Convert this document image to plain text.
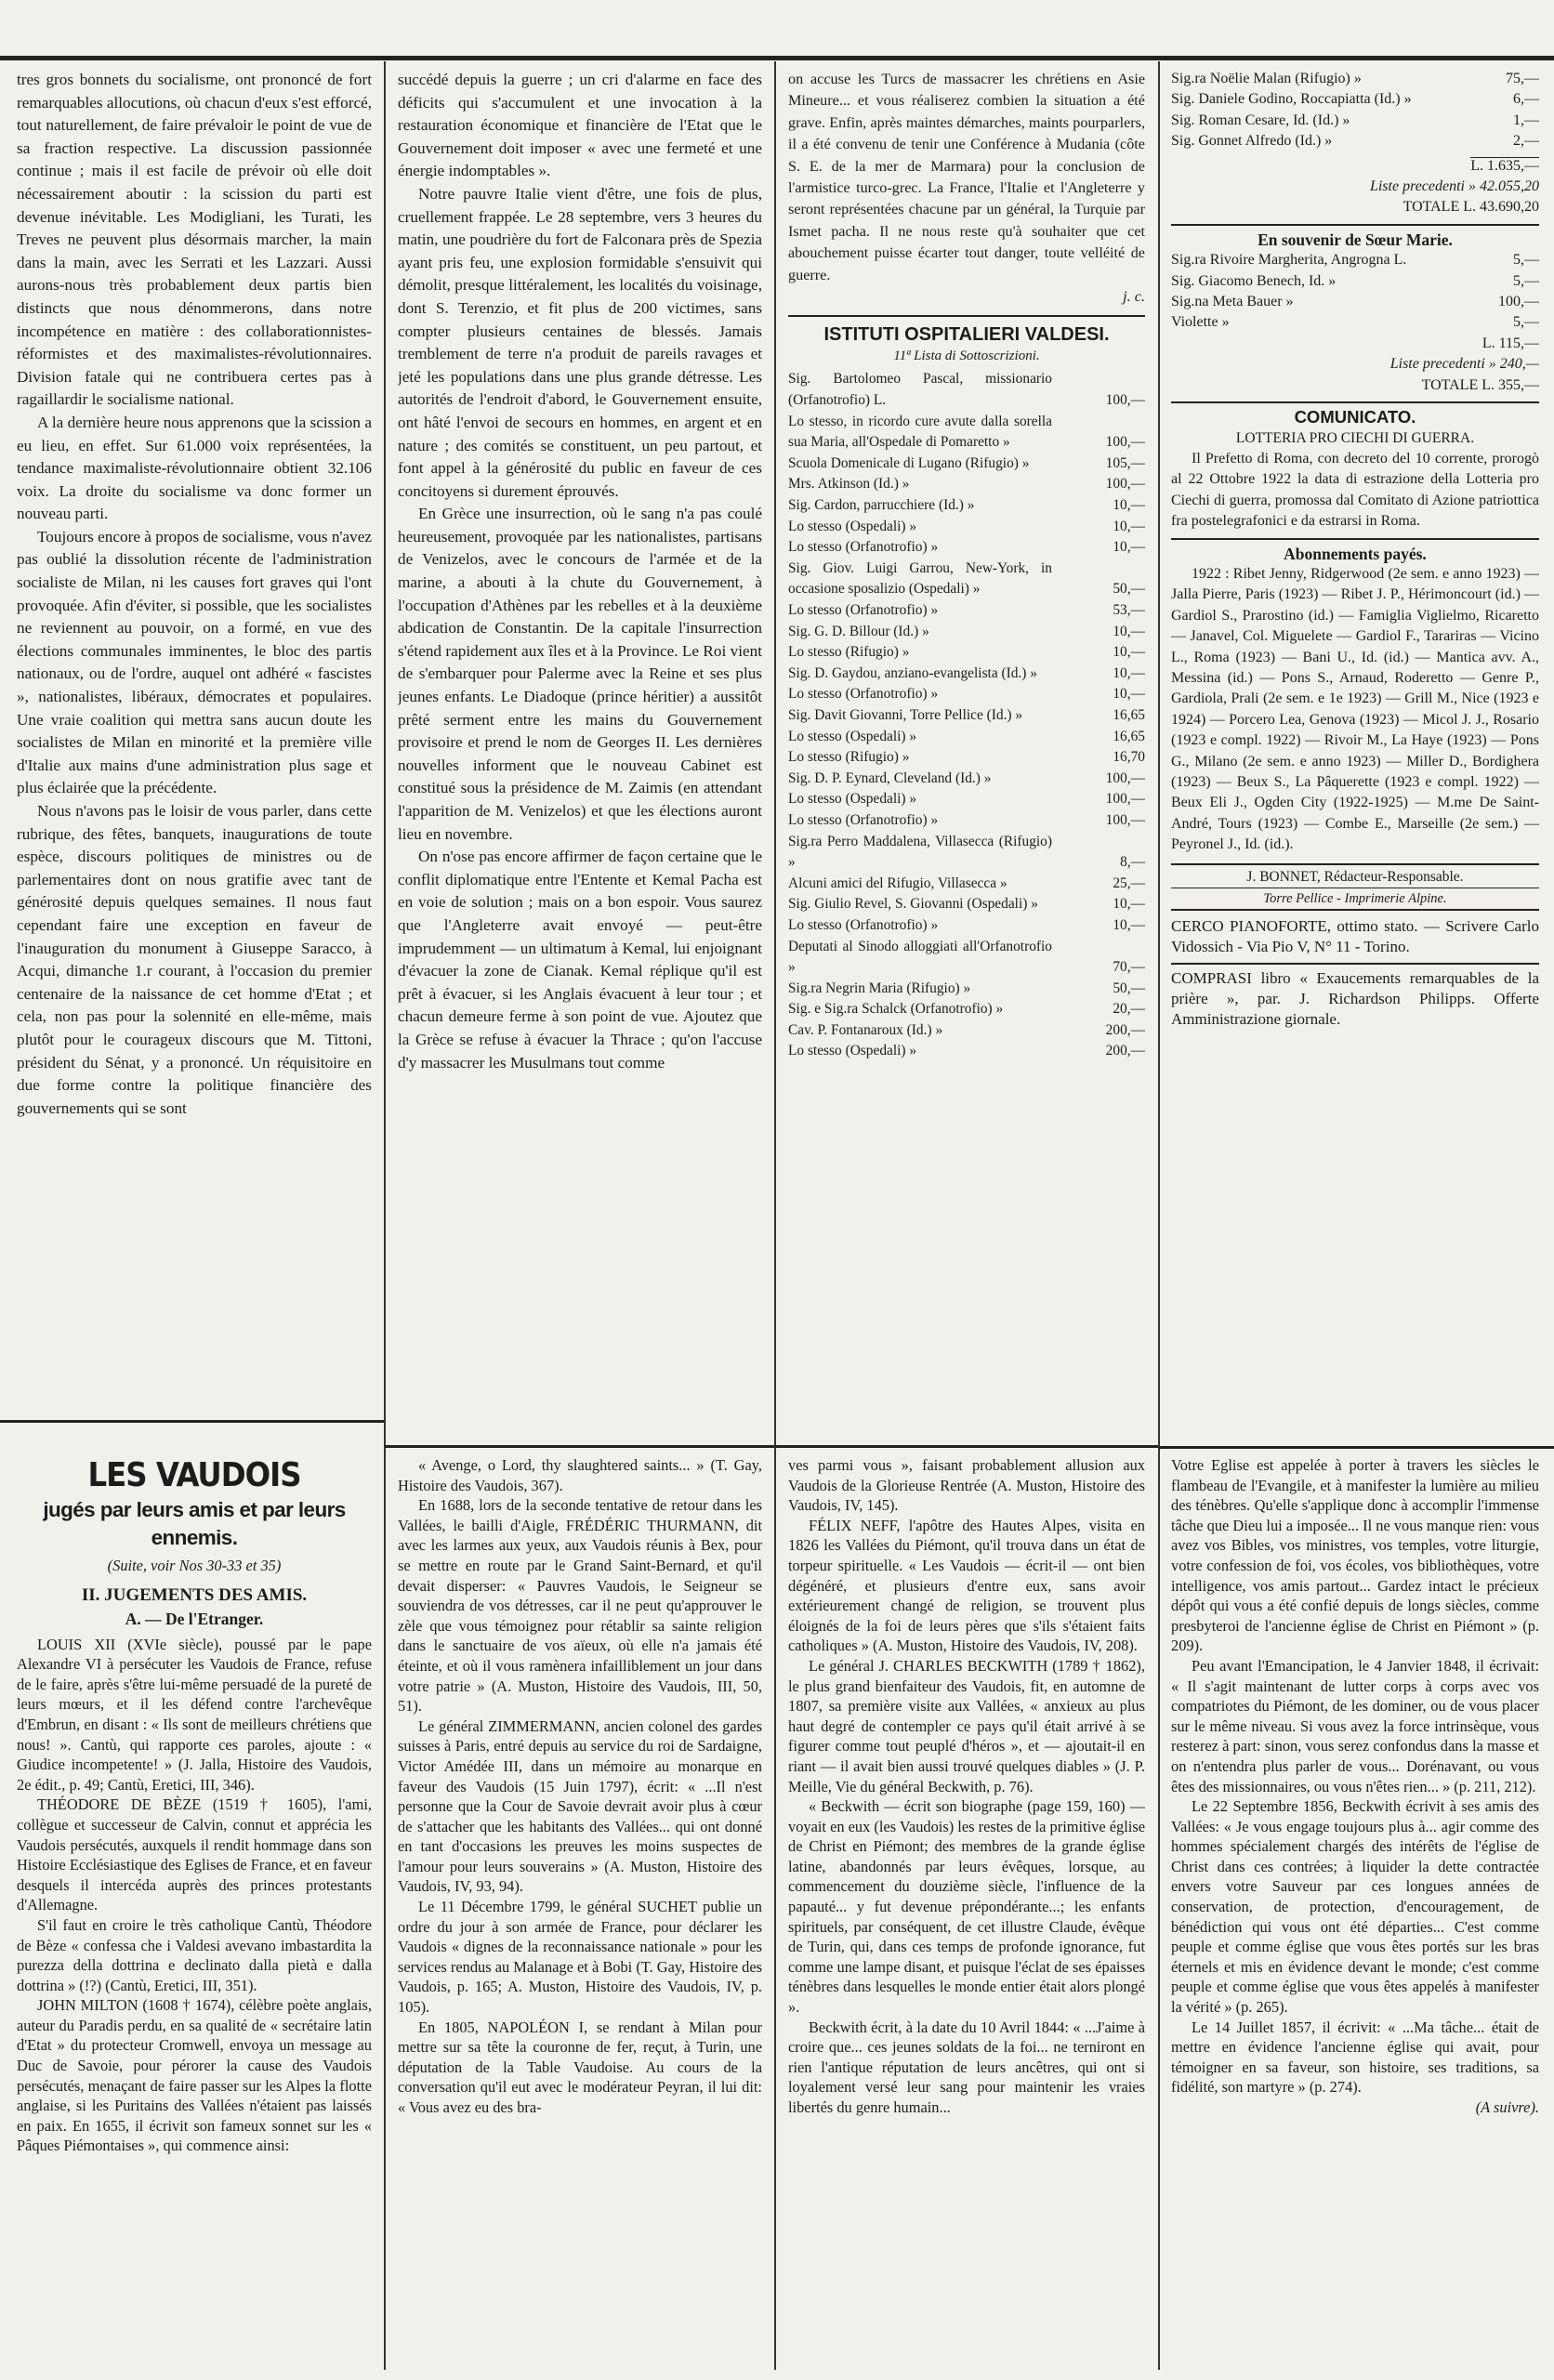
tres gros bonnets du socialisme, ont prononcé de fort remarquables allocutions, où chacun d'eux s'est efforcé, tout naturellement, de faire prévaloir le point de vue de sa fraction respective. La discussion passionnée continue ; mais il est facile de prévoir où elle doit nécessairement aboutir : la scission du parti est devenue inévitable. Les Modigliani, les Turati, les Treves ne peuvent plus désormais marcher, la main dans la main, avec les Serrati et les Lazzari. Aussi aurons-nous très probablement deux partis bien distincts que nous dénommerons, dans notre incompétence en matière : des collaborationnistes-réformistes et des maximalistes-révolutionnaires. Division fatale qui ne contribuera certes pas à ragaillardir le socialisme national.

A la dernière heure nous apprenons que la scission a eu lieu, en effet. Sur 61.000 voix représentées, la tendance maximaliste-révolutionnaire obtient 32.106 voix. La droite du socialisme va donc former un nouveau parti.

Toujours encore à propos de socialisme, vous n'avez pas oublié la dissolution récente de l'administration socialiste de Milan, ni les causes fort graves qui l'ont provoquée. Afin d'éviter, si possible, que les socialistes ne reviennent au pouvoir, on a formé, en vue des élections communales imminentes, le bloc des partis nationaux, ou de l'ordre, auquel ont adhéré « fascistes », nationalistes, libéraux, démocrates et populaires. Une vraie coalition qui mettra sans aucun doute les socialistes de Milan en minorité et la première ville d'Italie aux mains d'une administration plus sage et plus éclairée que la précédente.

Nous n'avons pas le loisir de vous parler, dans cette rubrique, des fêtes, banquets, inaugurations de toute espèce, discours politiques de ministres ou de parlementaires dont on nous gratifie avec tant de générosité depuis quelques semaines. Il nous faut cependant faire une exception en faveur de l'inauguration du monument à Giuseppe Saracco, à Acqui, dimanche 1.r courant, à l'occasion du premier centenaire de la naissance de cet homme d'Etat ; et cela, non pas pour la solennité en elle-même, mais plutôt pour le courageux discours que M. Tittoni, président du Sénat, y a prononcé. Un réquisitoire en due forme contre la politique financière des gouvernements qui se sont

succédé depuis la guerre ; un cri d'alarme en face des déficits qui s'accumulent et une invocation à la restauration économique et financière de l'Etat que le Gouvernement doit imposer « avec une fermeté et une énergie indomptables ».

Notre pauvre Italie vient d'être, une fois de plus, cruellement frappée. Le 28 septembre, vers 3 heures du matin, une poudrière du fort de Falconara près de Spezia ayant pris feu, une explosion formidable s'ensuivit qui démolit, presque littéralement, les localités du voisinage, dont S. Terenzio, et fit plus de 200 victimes, sans compter plusieurs centaines de blessés. Jamais tremblement de terre n'a produit de pareils ravages et jeté les populations dans une plus grande détresse. Les autorités de l'endroit d'abord, le Gouvernement ensuite, ont hâté l'envoi de secours en hommes, en argent et en nature ; des comités se constituent, un peu partout, et font appel à la générosité du public en faveur de ces concitoyens si durement éprouvés.

En Grèce une insurrection, où le sang n'a pas coulé heureusement, provoquée par les nationalistes, partisans de Venizelos, avec le concours de l'armée et de la marine, a abouti à la chute du Gouvernement, à l'occupation d'Athènes par les rebelles et à la deuxième abdication de Constantin. De la capitale l'insurrection s'étend rapidement aux îles et à la Province. Le Roi vient de s'embarquer pour Palerme avec la Reine et ses plus jeunes enfants. Le Diadoque (prince héritier) a aussitôt prêté serment entre les mains du Gouvernement provisoire et prend le nom de Georges II. Les dernières nouvelles informent que le nouveau Cabinet est constitué sous la présidence de M. Zaimis (en attendant l'apparition de M. Venizelos) et que les élections auront lieu en novembre.

On n'ose pas encore affirmer de façon certaine que le conflit diplomatique entre l'Entente et Kemal Pacha est en voie de solution ; mais on a bon espoir. Vous saurez que l'Angleterre avait envoyé — peut-être imprudemment — un ultimatum à Kemal, lui enjoignant d'évacuer la zone de Cianak. Kemal réplique qu'il est prêt à évacuer, si les Anglais évacuent à leur tour ; et chacun demeure ferme à son point de vue. Ajoutez que la Grèce se refuse à évacuer la Thrace ; qu'on l'accuse d'y massacrer les Musulmans tout comme

on accuse les Turcs de massacrer les chrétiens en Asie Mineure... et vous réaliserez combien la situation a été grave. Enfin, après maintes démarches, maints pourparlers, il a été convenu de tenir une Conférence à Mudania (côte S. E. de la mer de Marmara) pour la conclusion de l'armistice turco-grec. La France, l'Italie et l'Angleterre y seront représentées chacune par un général, la Turquie par Ismet pacha. Il ne nous reste qu'à souhaiter que cet abouchement puisse écarter tout danger, toute velléité de guerre.

j. c.

ISTITUTI OSPITALIERI VALDESI.

11ª Lista di Sottoscrizioni.

Sig. Bartolomeo Pascal, missionario (Orfanotrofio) L.	100,—
Lo stesso, in ricordo cure avute dalla sorella sua Maria, all'Ospedale di Pomaretto »	100,—
Scuola Domenicale di Lugano (Rifugio) »	105,—
Mrs. Atkinson (Id.) »	100,—
Sig. Cardon, parrucchiere (Id.) »	10,—
Lo stesso (Ospedali) »	10,—
Lo stesso (Orfanotrofio) »	10,—
Sig. Giov. Luigi Garrou, New-York, in occasione sposalizio (Ospedali) »	50,—
Lo stesso (Orfanotrofio) »	53,—
Sig. G. D. Billour (Id.) »	10,—
Lo stesso (Rifugio) »	10,—
Sig. D. Gaydou, anziano-evangelista (Id.) »	10,—
Lo stesso (Orfanotrofio) »	10,—
Sig. Davit Giovanni, Torre Pellice (Id.) »	16,65
Lo stesso (Ospedali) »	16,65
Lo stesso (Rifugio) »	16,70
Sig. D. P. Eynard, Cleveland (Id.) »	100,—
Lo stesso (Ospedali) »	100,—
Lo stesso (Orfanotrofio) »	100,—
Sig.ra Perro Maddalena, Villasecca (Rifugio) »	8,—
Alcuni amici del Rifugio, Villasecca »	25,—
Sig. Giulio Revel, S. Giovanni (Ospedali) »	10,—
Lo stesso (Orfanotrofio) »	10,—
Deputati al Sinodo alloggiati all'Orfanotrofio »	70,—
Sig.ra Negrin Maria (Rifugio) »	50,—
Sig. e Sig.ra Schalck (Orfanotrofio) »	20,—
Cav. P. Fontanaroux (Id.) »	200,—
Lo stesso (Ospedali) »	200,—
Sig.ra Noëlie Malan (Rifugio) »	75,—
Sig. Daniele Godino, Roccapiatta (Id.) »	6,—
Sig. Roman Cesare, Id. (Id.) »	1,—
Sig. Gonnet Alfredo (Id.) »	2,—
L. 1.635,—
Liste precedenti » 42.055,20
TOTALE L. 43.690,20

En souvenir de Sœur Marie.

Sig.ra Rivoire Margherita, Angrogna L.	5,—
Sig. Giacomo Benech, Id. »	5,—
Sig.na Meta Bauer »	100,—
Violette »	5,—
L. 115,—
Liste precedenti » 240,—
TOTALE L. 355,—

COMUNICATO.

LOTTERIA PRO CIECHI DI GUERRA.

Il Prefetto di Roma, con decreto del 10 corrente, prorogò al 22 Ottobre 1922 la data di estrazione della Lotteria pro Ciechi di guerra, promossa dal Comitato di Azione patriottica fra postelegrafonici e da estrarsi in Roma.

Abonnements payés.

1922 : Ribet Jenny, Ridgerwood (2e sem. e anno 1923) — Jalla Pierre, Paris (1923) — Ribet J. P., Hérimoncourt (id.) — Gardiol S., Prarostino (id.) — Famiglia Viglielmo, Ricaretto — Janavel, Col. Miguelete — Gardiol F., Tarariras — Vicino L., Roma (1923) — Bani U., Id. (id.) — Mantica avv. A., Messina (id.) — Pons S., Arnaud, Roderetto — Genre P., Gardiola, Prali (2e sem. e 1e 1923) — Grill M., Nice (1923 e 1924) — Porcero Lea, Genova (1923) — Micol J. J., Rosario (1923 e compl. 1922) — Rivoir M., La Haye (1923) — Pons G., Milano (2e sem. e anno 1923) — Miller D., Bordighera (1923) — Beux S., La Pâquerette (1923 e compl. 1922) — Beux Eli J., Ogden City (1922-1925) — M.me De Saint-André, Tours (1923) — Combe E., Marseille (2e sem.) — Peyronel J., Id. (id.).

J. BONNET, Rédacteur-Responsable.

Torre Pellice - Imprimerie Alpine.

CERCO PIANOFORTE, ottimo stato. — Scrivere Carlo Vidossich - Via Pio V, N° 11 - Torino.

COMPRASI libro « Exaucements remarquables de la prière », par. J. Richardson Philipps. Offerte Amministrazione giornale.

LES VAUDOIS

jugés par leurs amis et par leurs ennemis.

(Suite, voir Nos 30-33 et 35)

II. JUGEMENTS DES AMIS.

A. — De l'Etranger.

LOUIS XII (XVIe siècle), poussé par le pape Alexandre VI à persécuter les Vaudois de France, refuse de le faire, après s'être lui-même persuadé de la pureté de leurs mœurs, et il les défend contre l'archevêque d'Embrun, en disant : « Ils sont de meilleurs chrétiens que nous! ». Cantù, qui rapporte ces paroles, ajoute : « Giudice incompetente! » (J. Jalla, Histoire des Vaudois, 2e édit., p. 49; Cantù, Eretici, III, 346).

THÉODORE DE BÈZE (1519 † 1605), l'ami, collègue et successeur de Calvin, connut et apprécia les Vaudois persécutés, auxquels il rendit hommage dans son Histoire Ecclésiastique des Eglises de France, et en faveur desquels il intercéda auprès des princes protestants d'Allemagne.

S'il faut en croire le très catholique Cantù, Théodore de Bèze « confessa che i Valdesi avevano imbastardita la purezza della dottrina e declinato dalla pietà e dalla dottrina » (!?) (Cantù, Eretici, III, 351).

JOHN MILTON (1608 † 1674), célèbre poète anglais, auteur du Paradis perdu, en sa qualité de « secrétaire latin d'Etat » du protecteur Cromwell, envoya un message au Duc de Savoie, pour pérorer la cause des Vaudois persécutés, menaçant de faire passer sur les Alpes la flotte anglaise, si les Puritains des Vallées n'étaient pas laissés en paix. En 1655, il écrivit son fameux sonnet sur les « Pâques Piémontaises », qui commence ainsi:

« Avenge, o Lord, thy slaughtered saints... » (T. Gay, Histoire des Vaudois, 367).

En 1688, lors de la seconde tentative de retour dans les Vallées, le bailli d'Aigle, FRÉDÉRIC THURMANN, dit avec les larmes aux yeux, aux Vaudois réunis à Bex, pour se mettre en route par le Grand Saint-Bernard, et qu'il devait disperser: « Pauvres Vaudois, le Seigneur se souviendra de vos détresses, car il ne peut qu'approuver le zèle que vous témoignez pour rétablir sa sainte religion dans le sanctuaire de vos aïeux, où elle n'a jamais été éteinte, et où il vous ramènera infailliblement un jour dans votre patrie » (A. Muston, Histoire des Vaudois, III, 50, 51).

Le général ZIMMERMANN, ancien colonel des gardes suisses à Paris, entré depuis au service du roi de Sardaigne, Victor Amédée III, dans un mémoire au monarque en faveur des Vaudois (15 Juin 1797), écrit: « ...Il n'est personne que la Cour de Savoie devrait avoir plus à cœur de s'attacher que les habitants des Vallées... qui ont donné en tant d'occasions les preuves les moins suspectes de l'amour pour leurs souverains » (A. Muston, Histoire des Vaudois, IV, 93, 94).

Le 11 Décembre 1799, le général SUCHET publie un ordre du jour à son armée de France, pour déclarer les Vaudois « dignes de la reconnaissance nationale » pour les services rendus au Malanage et à Bobi (T. Gay, Histoire des Vaudois, p. 165; A. Muston, Histoire des Vaudois, IV, p. 105).

En 1805, NAPOLÉON I, se rendant à Milan pour mettre sur sa tête la couronne de fer, reçut, à Turin, une députation de la Table Vaudoise. Au cours de la conversation qu'il eut avec le modérateur Peyran, il lui dit: « Vous avez eu des bra-

ves parmi vous », faisant probablement allusion aux Vaudois de la Glorieuse Rentrée (A. Muston, Histoire des Vaudois, IV, 145).

FÉLIX NEFF, l'apôtre des Hautes Alpes, visita en 1826 les Vallées du Piémont, qu'il trouva dans un état de torpeur spirituelle. « Les Vaudois — écrit-il — ont bien dégénéré, et plusieurs d'entre eux, sans avoir extérieurement changé de religion, se trouvent plus éloignés de la foi de leurs pères que s'ils s'étaient faits catholiques » (A. Muston, Histoire des Vaudois, IV, 208).

Le général J. CHARLES BECKWITH (1789 † 1862), le plus grand bienfaiteur des Vaudois, fit, en automne de 1807, sa première visite aux Vallées, « anxieux au plus haut degré de contempler ce pays qu'il était arrivé à se figurer comme tout peuplé d'héros », et — ajoutait-il en riant — il avait bien aussi trouvé quelques diables » (J. P. Meille, Vie du général Beckwith, p. 76).

« Beckwith — écrit son biographe (page 159, 160) — voyait en eux (les Vaudois) les restes de la primitive église de Christ en Piémont; des membres de la grande église latine, abandonnés par leurs évêques, lorsque, au commencement du douzième siècle, l'influence de la papauté... y fut devenue prépondérante...; les enfants spirituels, par conséquent, de cet illustre Claude, évêque de Turin, qui, dans ces temps de profonde ignorance, fut comme une lampe disant, et puisque l'éclat de ses épaisses ténèbres dans lesquelles le monde entier était alors plongé ».

Beckwith écrit, à la date du 10 Avril 1844: « ...J'aime à croire que... ces jeunes soldats de la foi... ne terniront en rien l'antique réputation de leurs ancêtres, qui ont si loyalement versé leur sang pour maintenir les vraies libertés du genre humain...

Votre Eglise est appelée à porter à travers les siècles le flambeau de l'Evangile, et à manifester la lumière au milieu des ténèbres. Qu'elle s'applique donc à accomplir l'immense tâche que Dieu lui a imposée... Il ne vous manque rien: vous avez vos Bibles, vos ministres, vos temples, votre liturgie, votre confession de foi, vos écoles, vos bibliothèques, votre intelligence, vos amis partout... Gardez intact le précieux dépôt qui vous a été confié depuis de longs siècles, comme presbyteroi de l'ancienne église de Christ en Piémont » (p. 209).

Peu avant l'Emancipation, le 4 Janvier 1848, il écrivait: « Il s'agit maintenant de lutter corps à corps avec vos compatriotes du Piémont, de les dominer, ou de vous placer sur le même niveau. Si vous avez la force intrinsèque, vous resterez à part: sinon, vous serez confondus dans la masse et on n'entendra plus parler de vous... Dorénavant, ou vous êtes des missionnaires, ou vous n'êtes rien... » (p. 211, 212).

Le 22 Septembre 1856, Beckwith écrivit à ses amis des Vallées: « Je vous engage toujours plus à... agir comme des hommes spécialement chargés des intérêts de l'église de Christ dans ces contrées; à liquider la dette contractée envers votre Sauveur par ces longues années de conservation, de protection, d'encouragement, de bénédiction qui vous ont été départies... C'est comme peuple et comme église que vous êtes portés sur les bras éternels et mis en évidence devant le monde; c'est comme peuple et comme église que vous êtes appelés à manifester la vérité » (p. 265).

Le 14 Juillet 1857, il écrivit: « ...Ma tâche... était de mettre en évidence l'ancienne église qui avait, pour témoigner en sa faveur, son histoire, ses traditions, sa fidélité, son martyre » (p. 274).

(A suivre).
